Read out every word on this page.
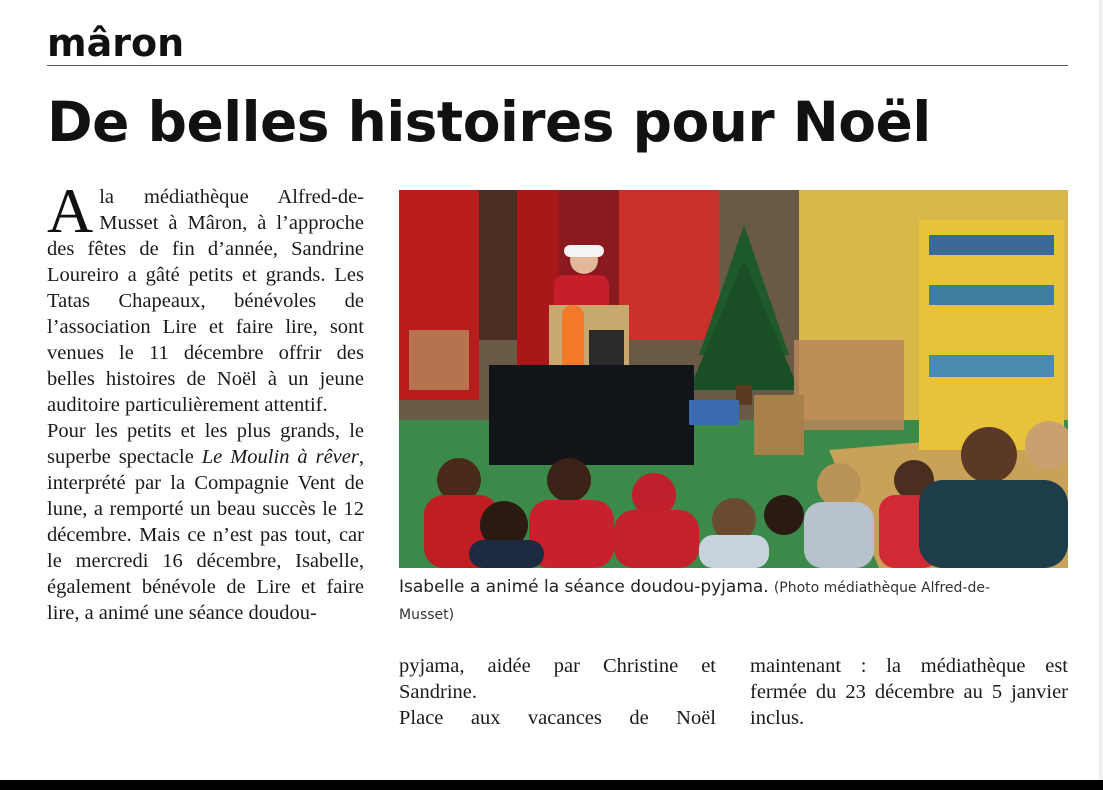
mâron
De belles histoires pour Noël

Ala médiathèque Alfred-de-Musset à Mâron, à l’approche des fêtes de fin d’année, Sandrine Loureiro a gâté petits et grands. Les Tatas Chapeaux, bénévoles de l’association Lire et faire lire, sont venues le 11 décembre offrir des belles histoires de Noël à un jeune auditoire particulièrement attentif.

Pour les petits et les plus grands, le superbe spectacle Le Moulin à rêver, interprété par la Compagnie Vent de lune, a remporté un beau succès le 12 décembre. Mais ce n’est pas tout, car le mercredi 16 décembre, Isabelle, également bénévole de Lire et faire lire, a animé une séance doudou-

Isabelle a animé la séance doudou-pyjama. (Photo médiathèque Alfred-de-Musset)

pyjama, aidée par Christine et Sandrine.

Place aux vacances de Noël

maintenant : la médiathèque est fermée du 23 décembre au 5 janvier inclus.
